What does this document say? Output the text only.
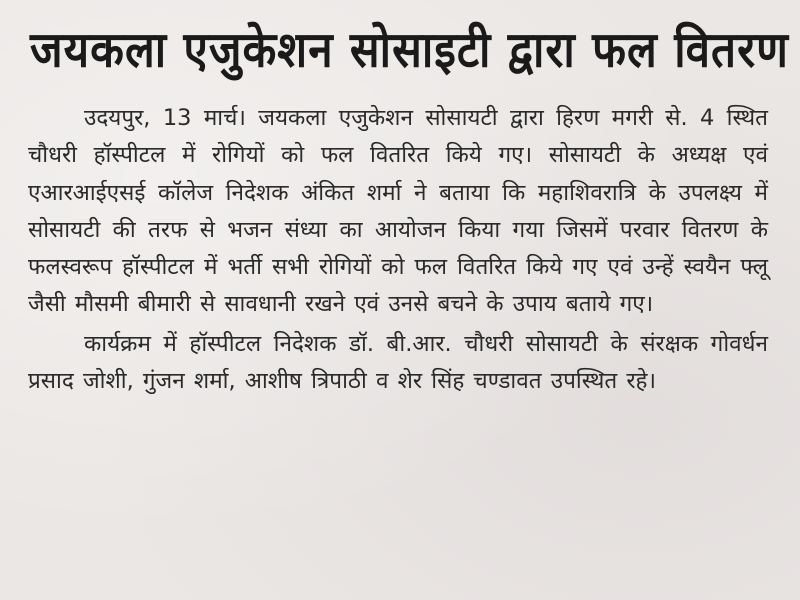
जयकला एजुकेशन सोसाइटी द्वारा फल वितरण

उदयपुर, 13 मार्च। जयकला एजुकेशन सोसायटी द्वारा हिरण मगरी से. 4 स्थित चौधरी हॉस्पीटल में रोगियों को फल वितरित किये गए। सोसायटी के अध्यक्ष एवं एआरआईएसई कॉलेज निदेशक अंकित शर्मा ने बताया कि महाशिवरात्रि के उपलक्ष्य में सोसायटी की तरफ से भजन संध्या का आयोजन किया गया जिसमें परवार वितरण के फलस्वरूप हॉस्पीटल में भर्ती सभी रोगियों को फल वितरित किये गए एवं उन्हें स्वयैन फ्लू जैसी मौसमी बीमारी से सावधानी रखने एवं उनसे बचने के उपाय बताये गए।

कार्यक्रम में हॉस्पीटल निदेशक डॉ. बी.आर. चौधरी सोसायटी के संरक्षक गोवर्धन प्रसाद जोशी, गुंजन शर्मा, आशीष त्रिपाठी व शेर सिंह चण्डावत उपस्थित रहे।
